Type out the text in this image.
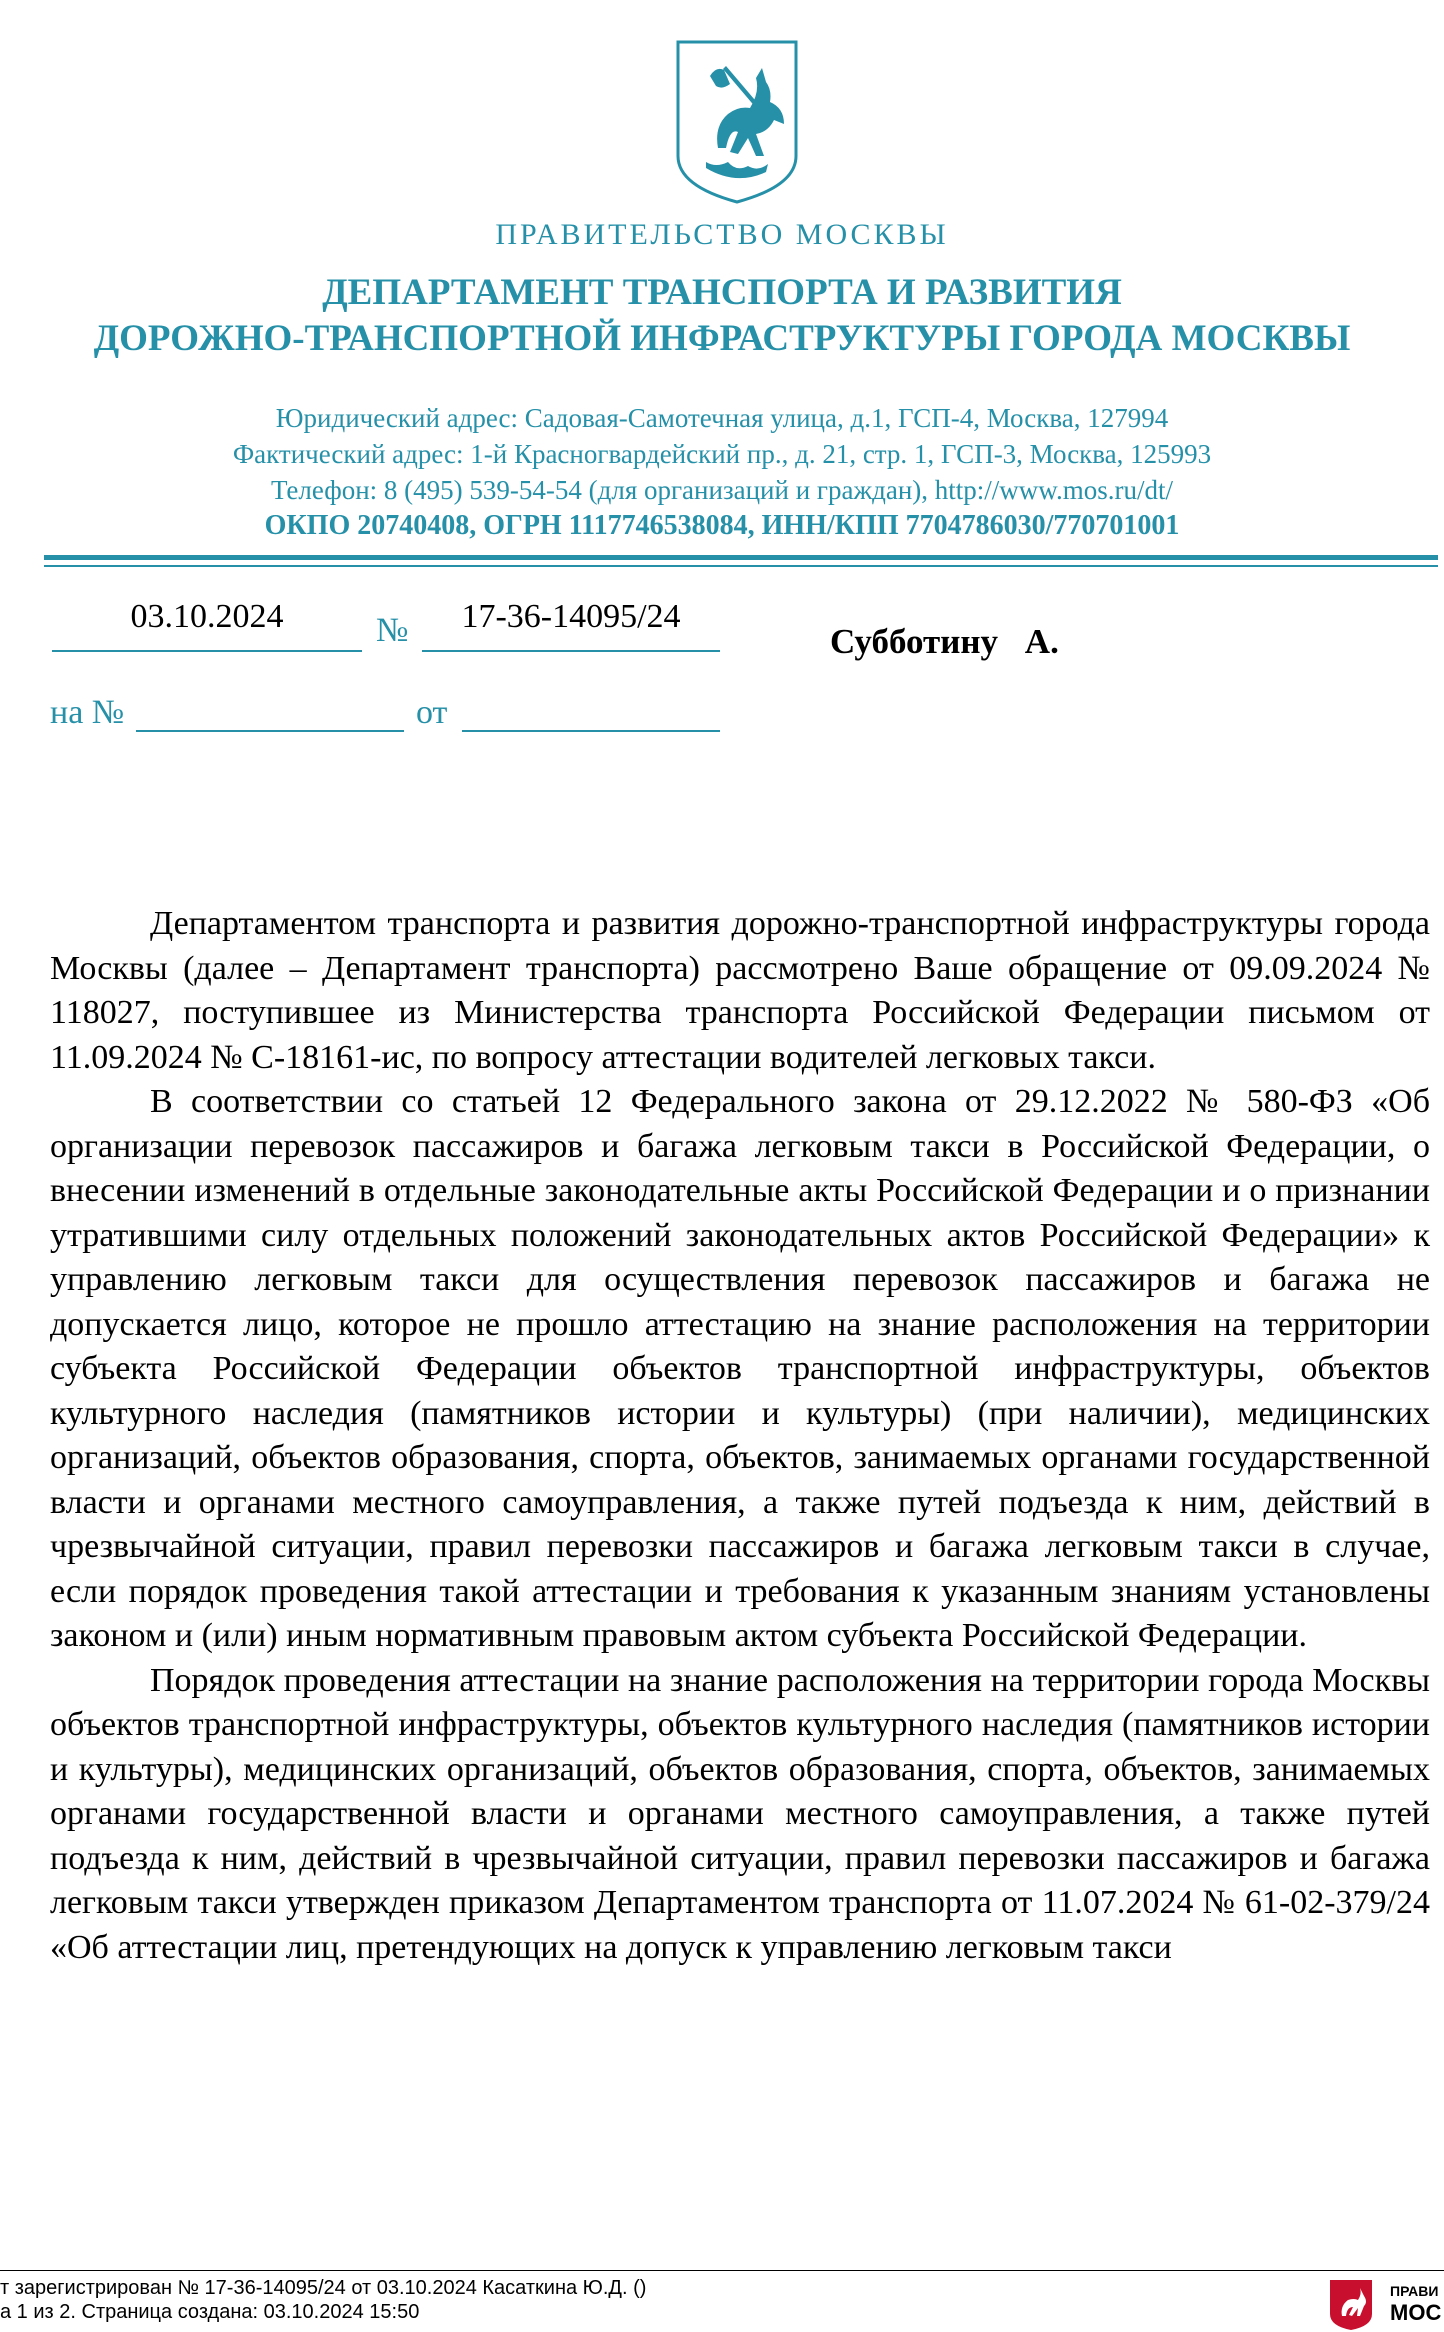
ПРАВИТЕЛЬСТВО МОСКВЫ
ДЕПАРТАМЕНТ ТРАНСПОРТА И РАЗВИТИЯ
ДОРОЖНО-ТРАНСПОРТНОЙ ИНФРАСТРУКТУРЫ ГОРОДА МОСКВЫ
Юридический адрес: Садовая-Самотечная улица, д.1, ГСП-4, Москва, 127994
Фактический адрес: 1-й Красногвардейский пр., д. 21, стр. 1, ГСП-3, Москва, 125993
Телефон: 8 (495) 539-54-54 (для организаций и граждан), http://www.mos.ru/dt/
ОКПО 20740408, ОГРН 1117746538084, ИНН/КПП 7704786030/770701001
03.10.2024	№	17-36-14095/24
на №	от
Субботину А.

Департаментом транспорта и развития дорожно-транспортной инфраструктуры города Москвы (далее – Департамент транспорта) рассмотрено Ваше обращение от 09.09.2024 № 118027, поступившее из Министерства транспорта Российской Федерации письмом от 11.09.2024 № С-18161-ис, по вопросу аттестации водителей легковых такси.

В соответствии со статьей 12 Федерального закона от 29.12.2022 № 580-ФЗ «Об организации перевозок пассажиров и багажа легковым такси в Российской Федерации, о внесении изменений в отдельные законодательные акты Российской Федерации и о признании утратившими силу отдельных положений законодательных актов Российской Федерации» к управлению легковым такси для осуществления перевозок пассажиров и багажа не допускается лицо, которое не прошло аттестацию на знание расположения на территории субъекта Российской Федерации объектов транспортной инфраструктуры, объектов культурного наследия (памятников истории и культуры) (при наличии), медицинских организаций, объектов образования, спорта, объектов, занимаемых органами государственной власти и органами местного самоуправления, а также путей подъезда к ним, действий в чрезвычайной ситуации, правил перевозки пассажиров и багажа легковым такси в случае, если порядок проведения такой аттестации и требования к указанным знаниям установлены законом и (или) иным нормативным правовым актом субъекта Российской Федерации.

Порядок проведения аттестации на знание расположения на территории города Москвы объектов транспортной инфраструктуры, объектов культурного наследия (памятников истории и культуры), медицинских организаций, объектов образования, спорта, объектов, занимаемых органами государственной власти и органами местного самоуправления, а также путей подъезда к ним, действий в чрезвычайной ситуации, правил перевозки пассажиров и багажа легковым такси утвержден приказом Департаментом транспорта от 11.07.2024 № 61-02-379/24 «Об аттестации лиц, претендующих на допуск к управлению легковым такси

т зарегистрирован № 17-36-14095/24 от 03.10.2024 Касаткина Ю.Д. ()
а 1 из 2. Страница создана: 03.10.2024 15:50
ПРАВИ
МОС
